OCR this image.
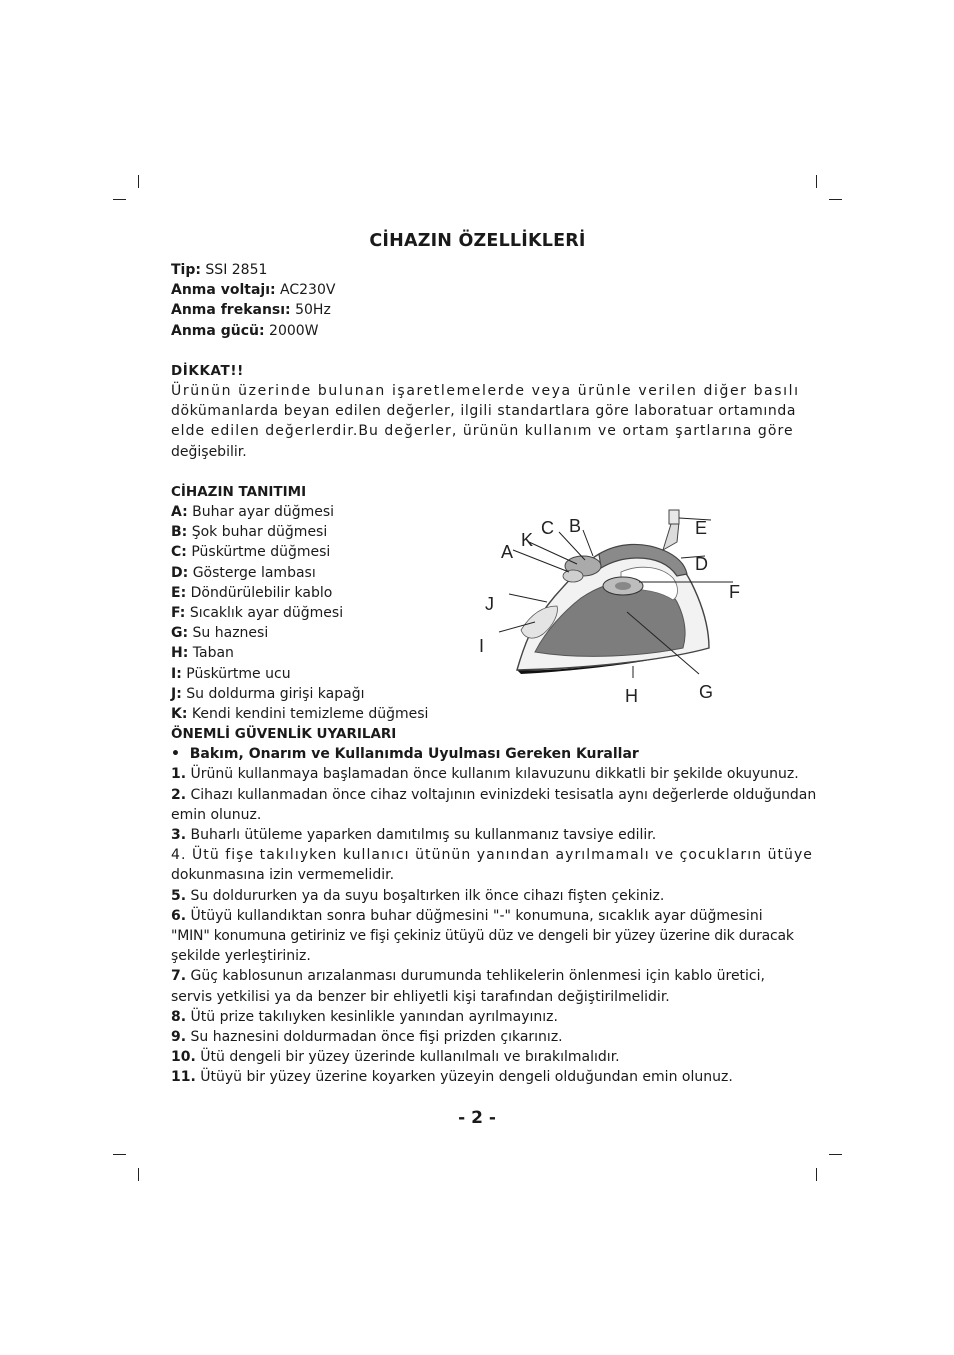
CİHAZIN ÖZELLİKLERİ
Tip: SSI 2851
Anma voltajı: AC230V
Anma frekansı: 50Hz
Anma gücü: 2000W
DİKKAT!!
Ürünün üzerinde bulunan işaretlemelerde veya ürünle verilen diğer basılı
dökümanlarda beyan edilen değerler, ilgili standartlara göre laboratuar ortamında
elde edilen değerlerdir.Bu değerler, ürünün kullanım ve ortam şartlarına göre
değişebilir.
CİHAZIN TANITIMI
A: Buhar ayar düğmesi
B: Şok buhar düğmesi
C: Püskürtme düğmesi
D: Gösterge lambası
E: Döndürülebilir kablo
F: Sıcaklık ayar düğmesi
G: Su haznesi
H: Taban
I: Püskürtme ucu
J: Su doldurma girişi kapağı
K: Kendi kendini temizleme düğmesi
A
K
C B	E
D
F
J
I
H	G
ÖNEMLİ GÜVENLİK UYARILARI
•  Bakım, Onarım ve Kullanımda Uyulması Gereken Kurallar
1. Ürünü kullanmaya başlamadan önce kullanım kılavuzunu dikkatli bir şekilde okuyunuz.
2. Cihazı kullanmadan önce cihaz voltajının evinizdeki tesisatla aynı değerlerde olduğundan
emin olunuz.
3. Buharlı ütüleme yaparken damıtılmış su kullanmanız tavsiye edilir.
4. Ütü fişe takılıyken kullanıcı ütünün yanından ayrılmamalı ve çocukların ütüye
dokunmasına izin vermemelidir.
5. Su doldururken ya da suyu boşaltırken ilk önce cihazı fişten çekiniz.
6. Ütüyü kullandıktan sonra buhar düğmesini "-" konumuna, sıcaklık ayar düğmesini
"MIN" konumuna getiriniz ve fişi çekiniz ütüyü düz ve dengeli bir yüzey üzerine dik duracak
şekilde yerleştiriniz.
7. Güç kablosunun arızalanması durumunda tehlikelerin önlenmesi için kablo üretici,
servis yetkilisi ya da benzer bir ehliyetli kişi tarafından değiştirilmelidir.
8. Ütü prize takılıyken kesinlikle yanından ayrılmayınız.
9. Su haznesini doldurmadan önce fişi prizden çıkarınız.
10. Ütü dengeli bir yüzey üzerinde kullanılmalı ve bırakılmalıdır.
11. Ütüyü bir yüzey üzerine koyarken yüzeyin dengeli olduğundan emin olunuz.
- 2 -
